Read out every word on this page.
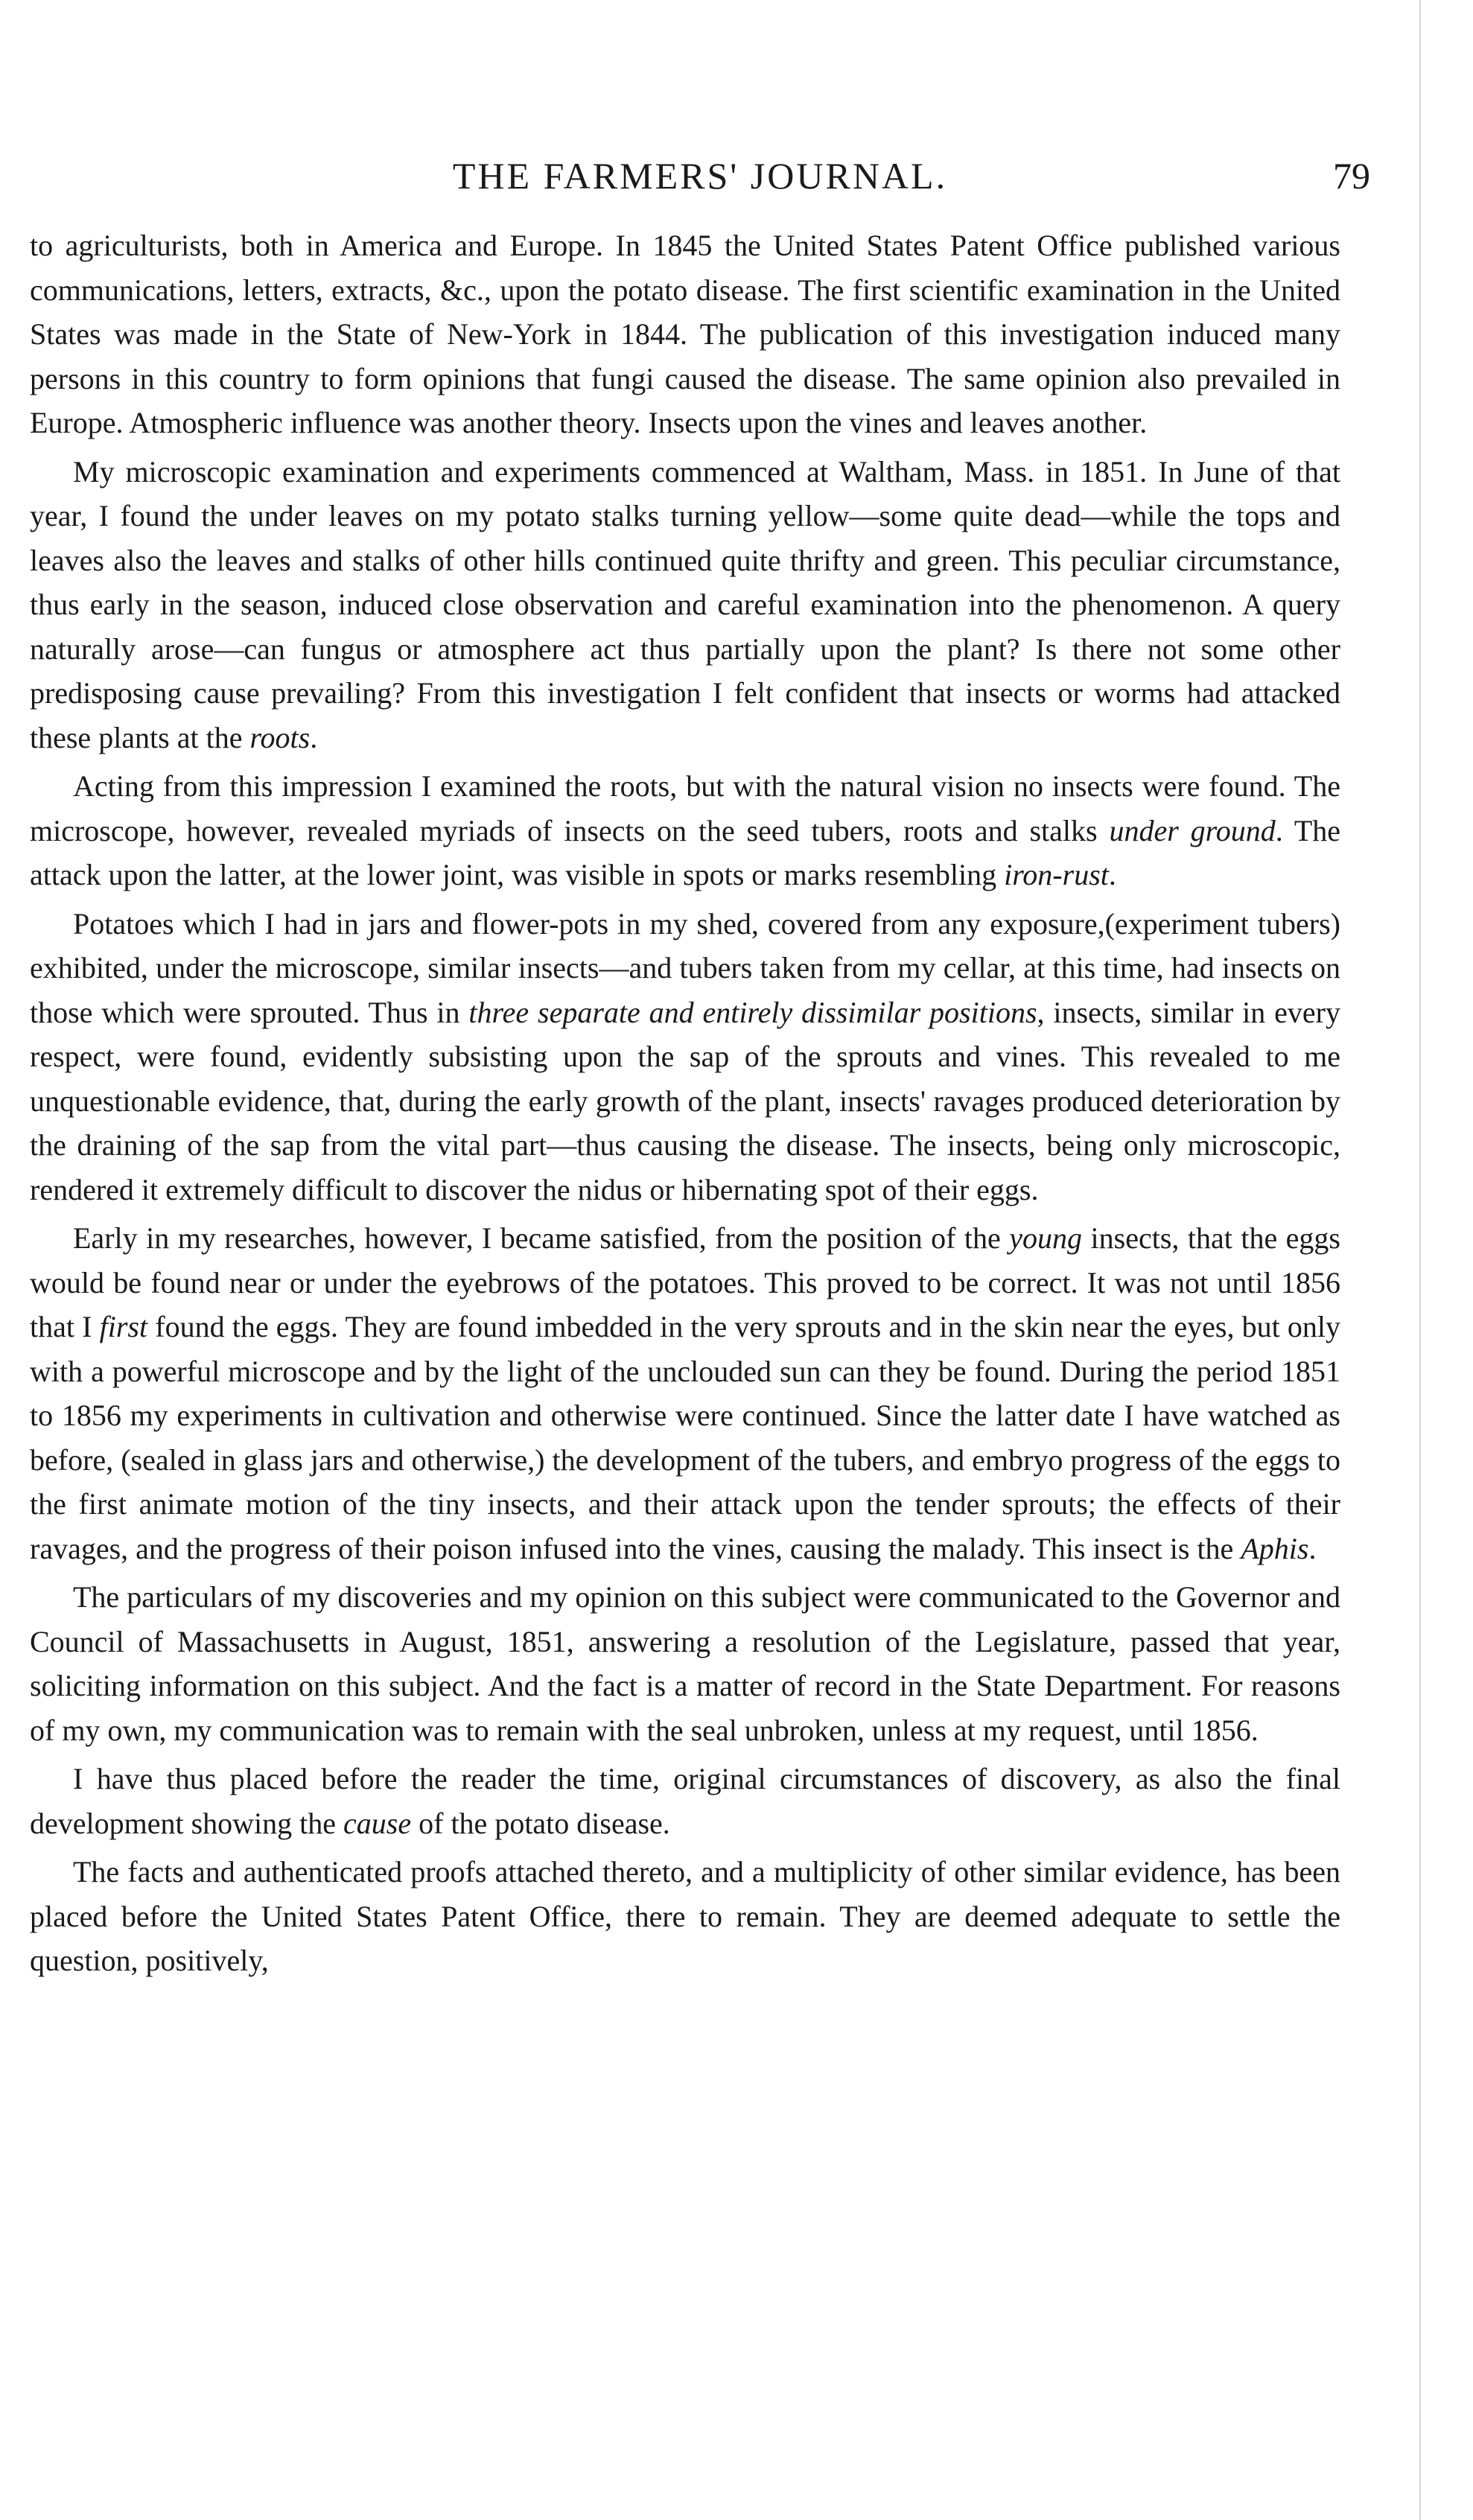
THE FARMERS' JOURNAL.	79

to agriculturists, both in America and Europe. In 1845 the United States Patent Office published various communications, letters, extracts, &c., upon the potato disease. The first scientific examination in the United States was made in the State of New-York in 1844. The publication of this investigation induced many persons in this country to form opinions that fungi caused the disease. The same opinion also prevailed in Europe. Atmospheric influence was another theory. Insects upon the vines and leaves another.

My microscopic examination and experiments commenced at Waltham, Mass. in 1851. In June of that year, I found the under leaves on my potato stalks turning yellow—some quite dead—while the tops and leaves also the leaves and stalks of other hills continued quite thrifty and green. This peculiar circumstance, thus early in the season, induced close observation and careful examination into the phenomenon. A query naturally arose—can fungus or atmosphere act thus partially upon the plant? Is there not some other predisposing cause prevailing? From this investigation I felt confident that insects or worms had attacked these plants at the roots.

Acting from this impression I examined the roots, but with the natural vision no insects were found. The microscope, however, revealed myriads of insects on the seed tubers, roots and stalks under ground. The attack upon the latter, at the lower joint, was visible in spots or marks resembling iron-rust.

Potatoes which I had in jars and flower-pots in my shed, covered from any exposure,(experiment tubers) exhibited, under the microscope, similar insects—and tubers taken from my cellar, at this time, had insects on those which were sprouted. Thus in three separate and entirely dissimilar positions, insects, similar in every respect, were found, evidently subsisting upon the sap of the sprouts and vines. This revealed to me unquestionable evidence, that, during the early growth of the plant, insects' ravages produced deterioration by the draining of the sap from the vital part—thus causing the disease. The insects, being only microscopic, rendered it extremely difficult to discover the nidus or hibernating spot of their eggs.

Early in my researches, however, I became satisfied, from the position of the young insects, that the eggs would be found near or under the eyebrows of the potatoes. This proved to be correct. It was not until 1856 that I first found the eggs. They are found imbedded in the very sprouts and in the skin near the eyes, but only with a powerful microscope and by the light of the unclouded sun can they be found. During the period 1851 to 1856 my experiments in cultivation and otherwise were continued. Since the latter date I have watched as before, (sealed in glass jars and otherwise,) the development of the tubers, and embryo progress of the eggs to the first animate motion of the tiny insects, and their attack upon the tender sprouts; the effects of their ravages, and the progress of their poison infused into the vines, causing the malady. This insect is the Aphis.

The particulars of my discoveries and my opinion on this subject were communicated to the Governor and Council of Massachusetts in August, 1851, answering a resolution of the Legislature, passed that year, soliciting information on this subject. And the fact is a matter of record in the State Department. For reasons of my own, my communication was to remain with the seal unbroken, unless at my request, until 1856.

I have thus placed before the reader the time, original circumstances of discovery, as also the final development showing the cause of the potato disease.

The facts and authenticated proofs attached thereto, and a multiplicity of other similar evidence, has been placed before the United States Patent Office, there to remain. They are deemed adequate to settle the question, positively,
